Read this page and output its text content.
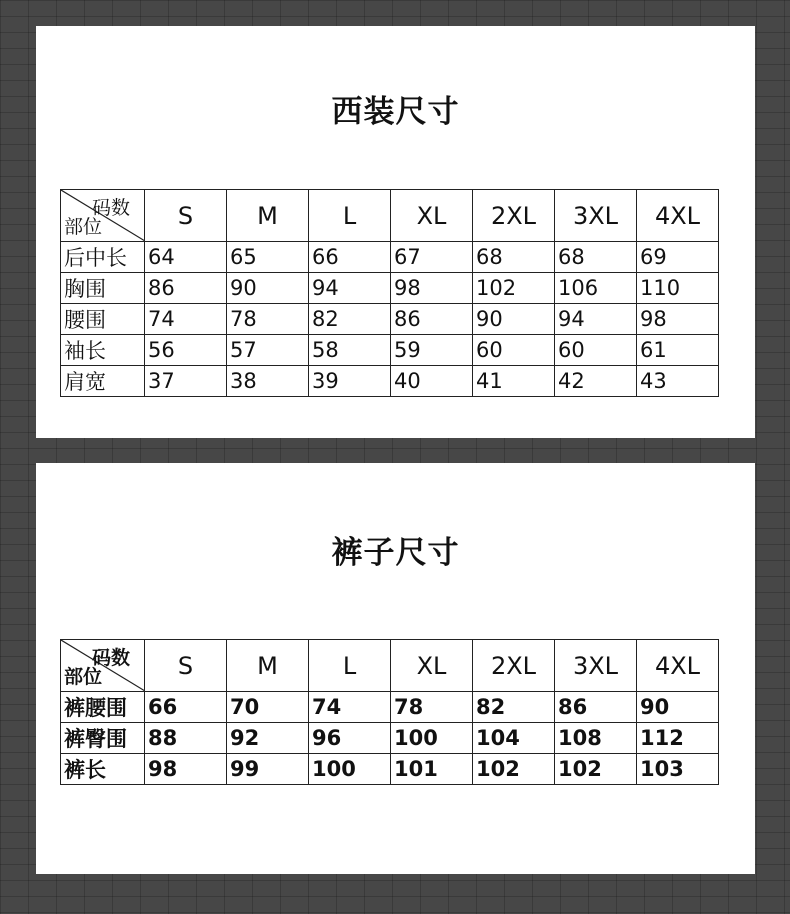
西装尺寸
码数
部位	S	M	L	XL	2XL	3XL	4XL
后中长	64	65	66	67	68	68	69
胸围	86	90	94	98	102	106	110
腰围	74	78	82	86	90	94	98
袖长	56	57	58	59	60	60	61
肩宽	37	38	39	40	41	42	43
裤子尺寸
码数
部位	S	M	L	XL	2XL	3XL	4XL
裤腰围	66	70	74	78	82	86	90
裤臀围	88	92	96	100	104	108	112
裤长	98	99	100	101	102	102	103
